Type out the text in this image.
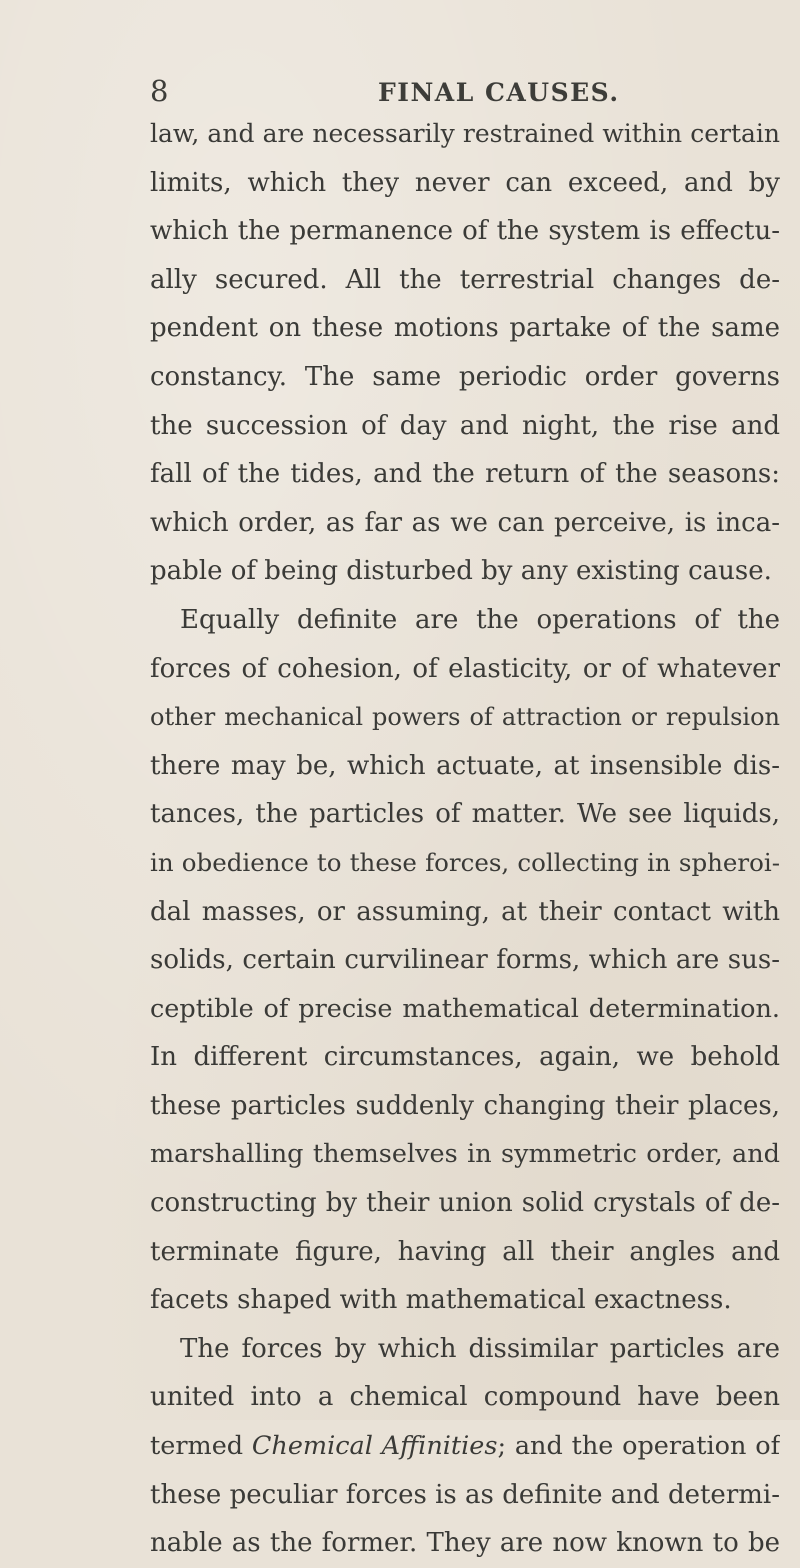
8	FINAL CAUSES.
law, and are necessarily restrained within certain
limits, which they never can exceed, and by
which the permanence of the system is effectu-
ally secured. All the terrestrial changes de-
pendent on these motions partake of the same
constancy. The same periodic order governs
the succession of day and night, the rise and
fall of the tides, and the return of the seasons:
which order, as far as we can perceive, is inca-
pable of being disturbed by any existing cause.
Equally definite are the operations of the
forces of cohesion, of elasticity, or of whatever
other mechanical powers of attraction or repulsion
there may be, which actuate, at insensible dis-
tances, the particles of matter. We see liquids,
in obedience to these forces, collecting in spheroi-
dal masses, or assuming, at their contact with
solids, certain curvilinear forms, which are sus-
ceptible of precise mathematical determination.
In different circumstances, again, we behold
these particles suddenly changing their places,
marshalling themselves in symmetric order, and
constructing by their union solid crystals of de-
terminate figure, having all their angles and
facets shaped with mathematical exactness.
The forces by which dissimilar particles are
united into a chemical compound have been
termed Chemical Affinities; and the operation of
these peculiar forces is as definite and determi-
nable as the former. They are now known to be
